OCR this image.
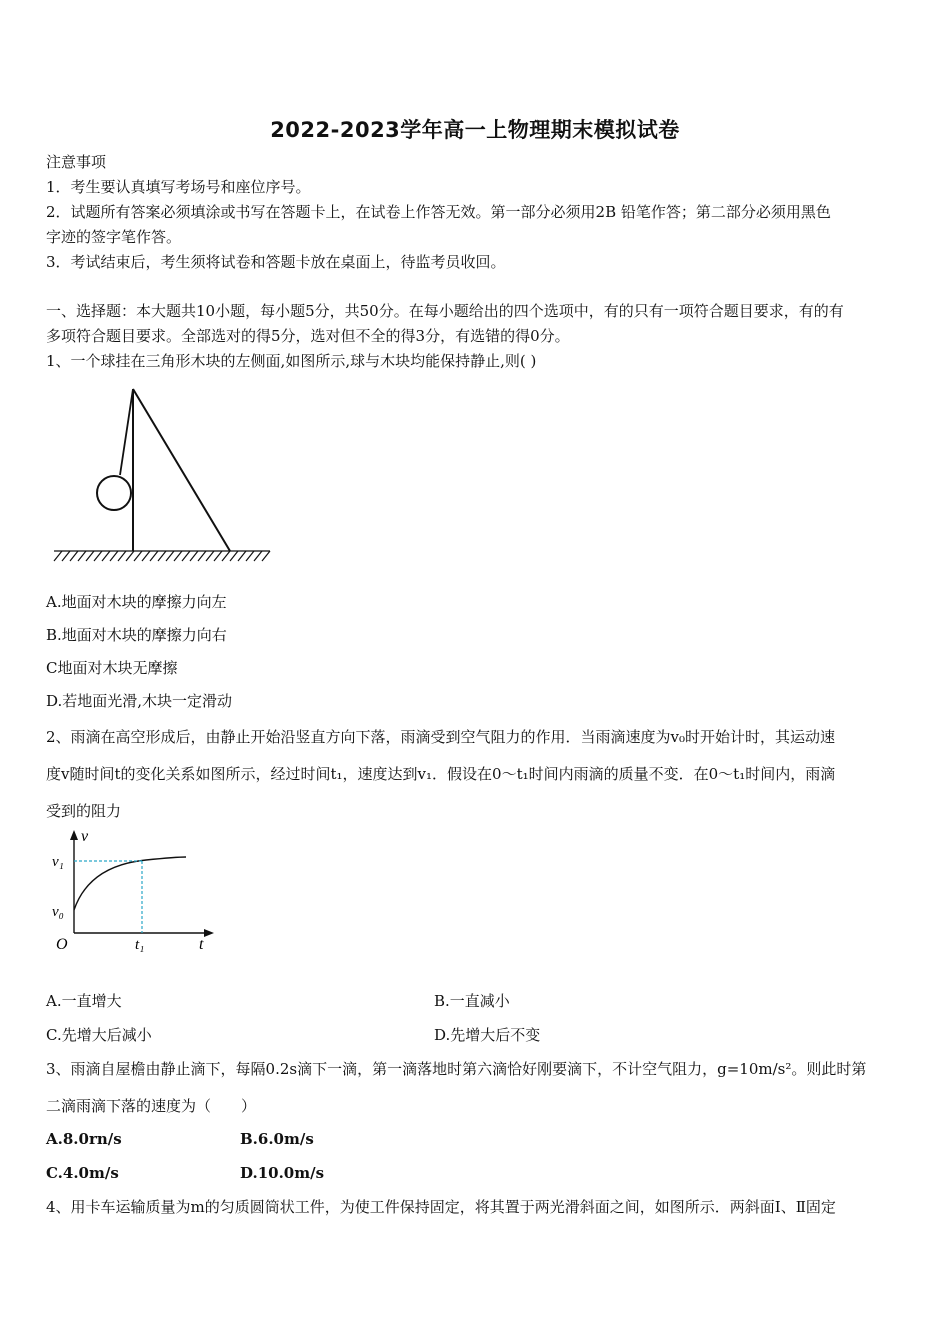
2022-2023学年高一上物理期末模拟试卷
注意事项
1．考生要认真填写考场号和座位序号。
2．试题所有答案必须填涂或书写在答题卡上，在试卷上作答无效。第一部分必须用2B 铅笔作答；第二部分必须用黑色
字迹的签字笔作答。
3．考试结束后，考生须将试卷和答题卡放在桌面上，待监考员收回。
一、选择题：本大题共10小题，每小题5分，共50分。在每小题给出的四个选项中，有的只有一项符合题目要求，有的有
多项符合题目要求。全部选对的得5分，选对但不全的得3分，有选错的得0分。
1、一个球挂在三角形木块的左侧面,如图所示,球与木块均能保持静止,则( )
A.地面对木块的摩擦力向左
B.地面对木块的摩擦力向右
C地面对木块无摩擦
D.若地面光滑,木块一定滑动
2、雨滴在高空形成后，由静止开始沿竖直方向下落，雨滴受到空气阻力的作用．当雨滴速度为v₀时开始计时，其运动速
度v随时间t的变化关系如图所示，经过时间t₁，速度达到v₁．假设在0～t₁时间内雨滴的质量不变．在0～t₁时间内，雨滴
受到的阻力
v
t
O
v₁
v₀
t₁
A.一直增大	B.一直减小
C.先增大后减小	D.先增大后不变
3、雨滴自屋檐由静止滴下，每隔0.2s滴下一滴，第一滴落地时第六滴恰好刚要滴下，不计空气阻力，g=10m/s²。则此时第
二滴雨滴下落的速度为（　　）
A.8.0rn/s	B.6.0m/s
C.4.0m/s	D.10.0m/s
4、用卡车运输质量为m的匀质圆筒状工件，为使工件保持固定，将其置于两光滑斜面之间，如图所示．两斜面Ⅰ、Ⅱ固定
